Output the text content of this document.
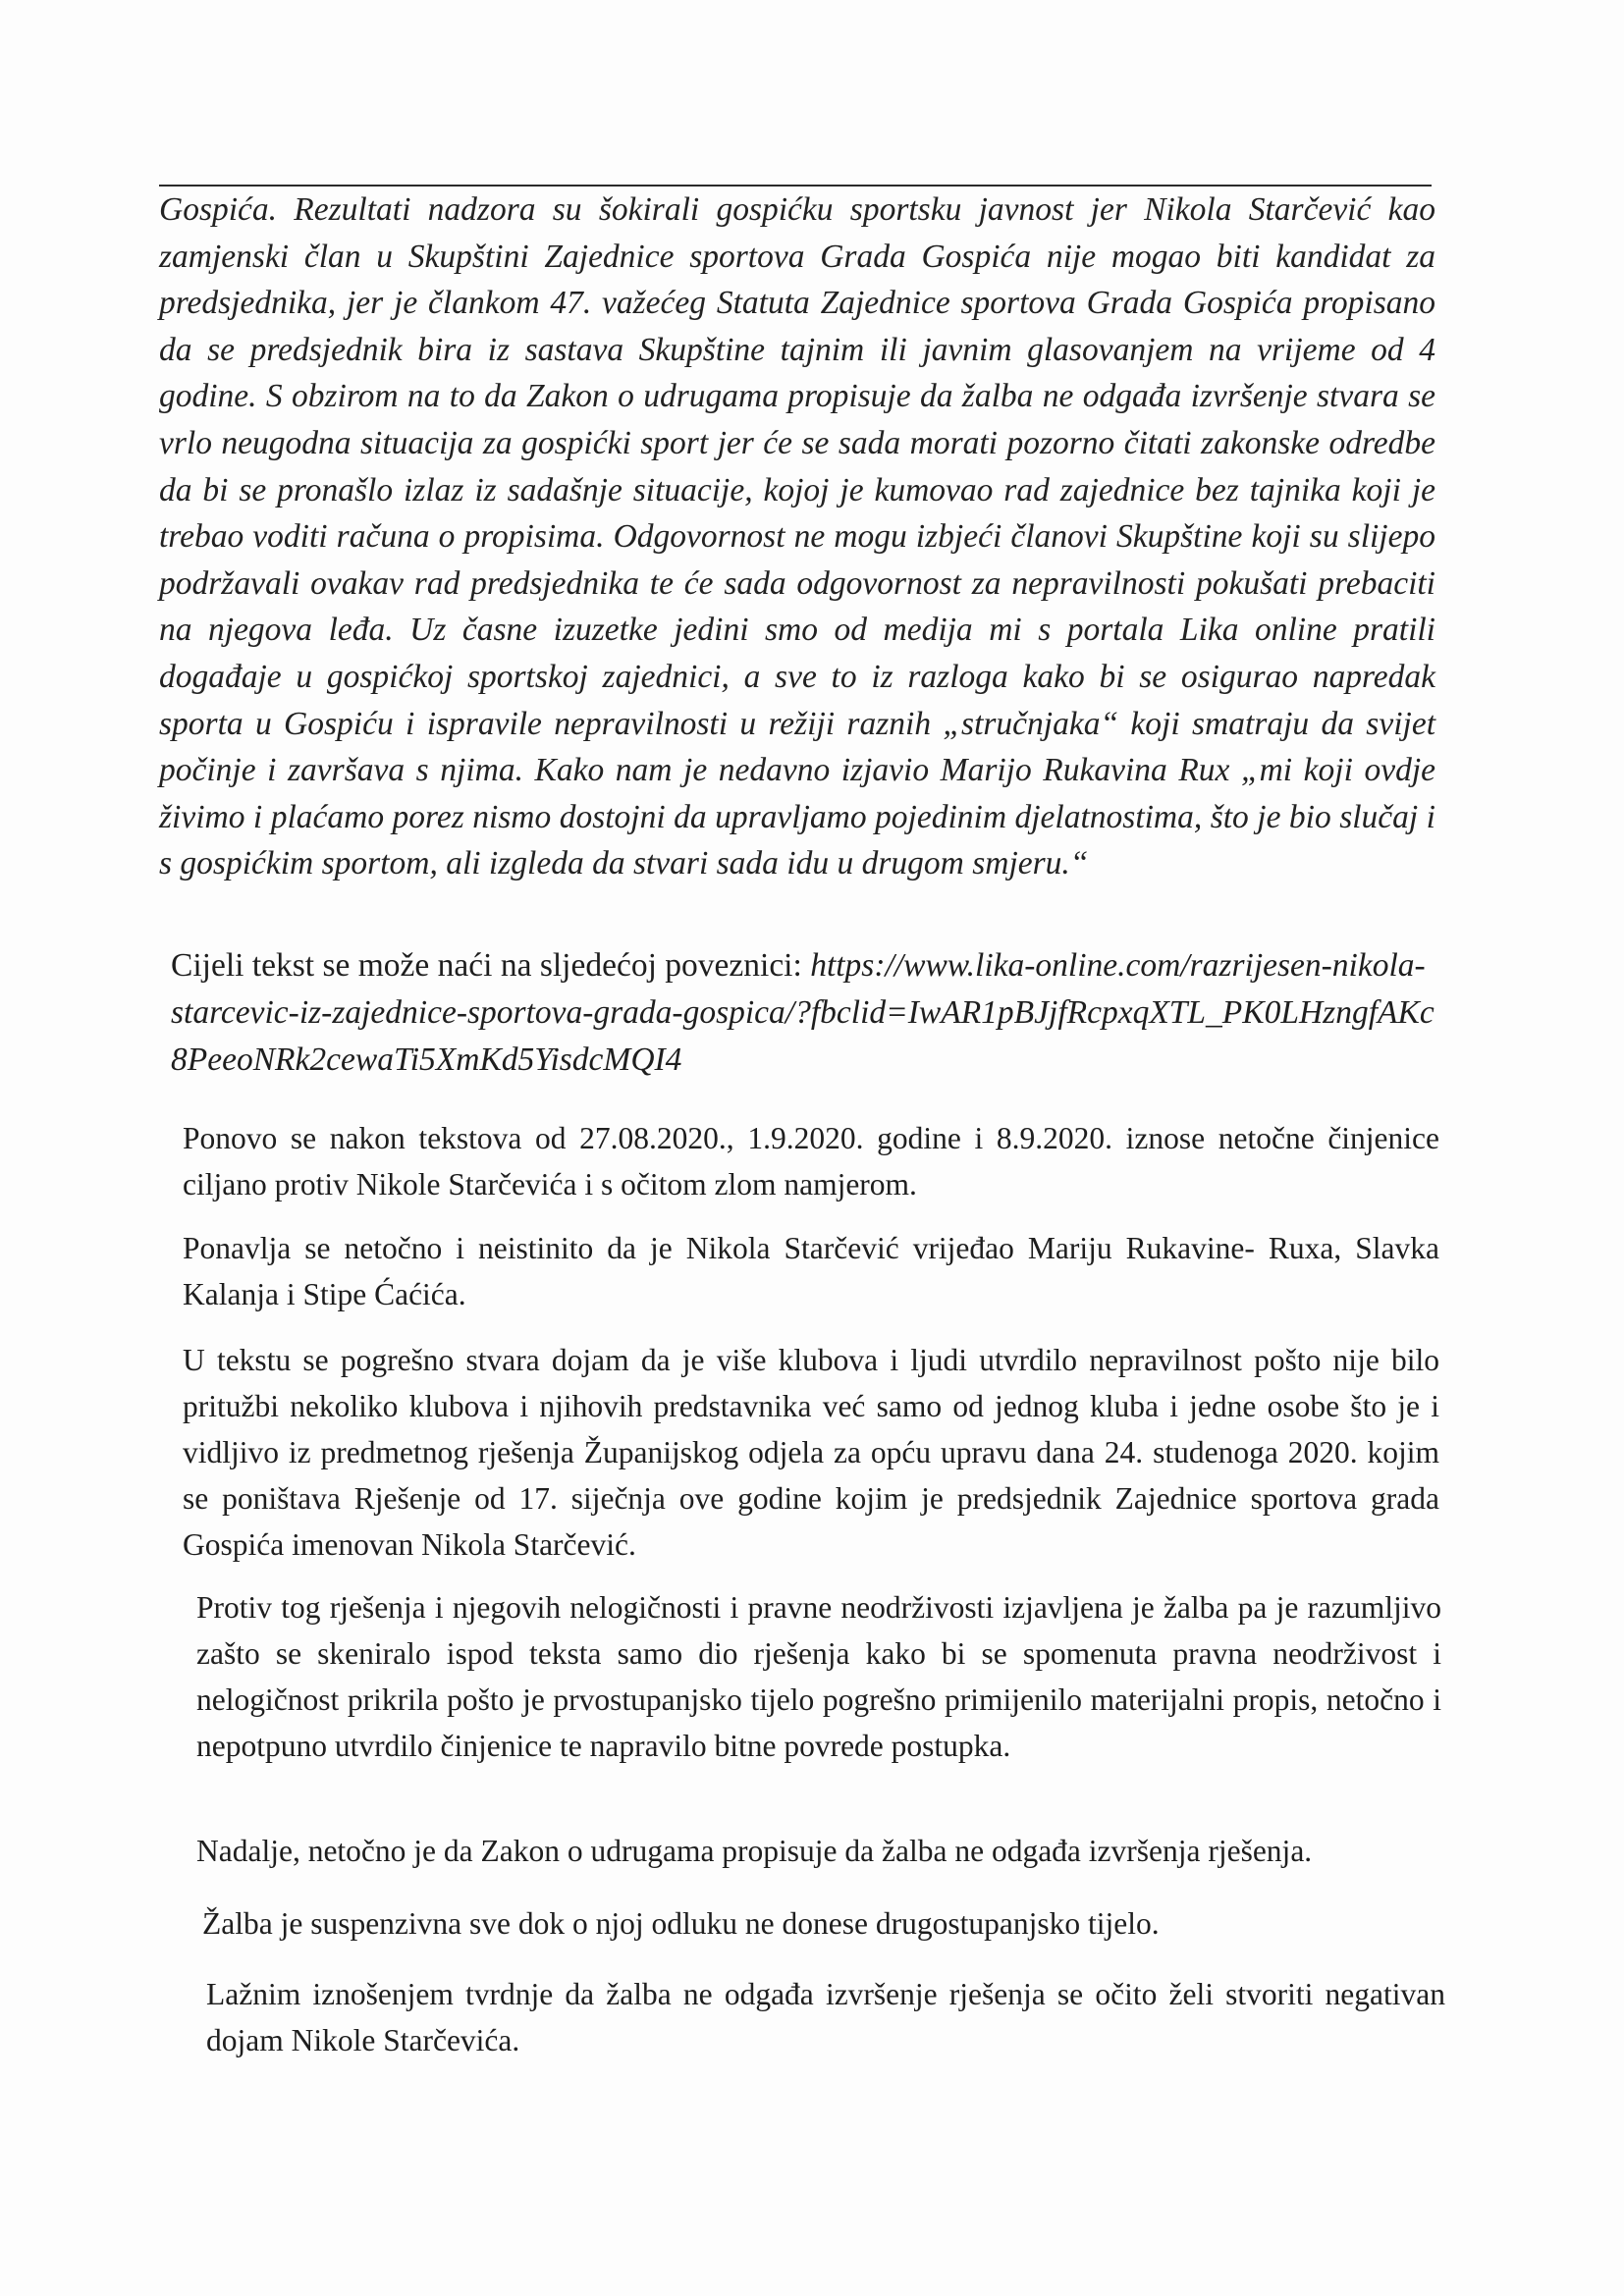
Gospića. Rezultati nadzora su šokirali gospićku sportsku javnost jer Nikola Starčević kao zamjenski član u Skupštini Zajednice sportova Grada Gospića nije mogao biti kandidat za predsjednika, jer je člankom 47. važećeg Statuta Zajednice sportova Grada Gospića propisano da se predsjednik bira iz sastava Skupštine tajnim ili javnim glasovanjem na vrijeme od 4 godine. S obzirom na to da Zakon o udrugama propisuje da žalba ne odgađa izvršenje stvara se vrlo neugodna situacija za gospićki sport jer će se sada morati pozorno čitati zakonske odredbe da bi se pronašlo izlaz iz sadašnje situacije, kojoj je kumovao rad zajednice bez tajnika koji je trebao voditi računa o propisima. Odgovornost ne mogu izbjeći članovi Skupštine koji su slijepo podržavali ovakav rad predsjednika te će sada odgovornost za nepravilnosti pokušati prebaciti na njegova leđa. Uz časne izuzetke jedini smo od medija mi s portala Lika online pratili događaje u gospićkoj sportskoj zajednici, a sve to iz razloga kako bi se osigurao napredak sporta u Gospiću i ispravile nepravilnosti u režiji raznih „stručnjaka“ koji smatraju da svijet počinje i završava s njima. Kako nam je nedavno izjavio Marijo Rukavina Rux „mi koji ovdje živimo i plaćamo porez nismo dostojni da upravljamo pojedinim djelatnostima, što je bio slučaj i s gospićkim sportom, ali izgleda da stvari sada idu u drugom smjeru.“

Cijeli tekst se može naći na sljedećoj poveznici: https://www.lika-online.com/razrijesen-nikola-starcevic-iz-zajednice-sportova-grada-gospica/?fbclid=IwAR1pBJjfRcpxqXTL_PK0LHzngfAKc8PeeoNRk2cewaTi5XmKd5YisdcMQI4

Ponovo se nakon tekstova od 27.08.2020., 1.9.2020. godine i 8.9.2020. iznose netočne činjenice ciljano protiv Nikole Starčevića i s očitom zlom namjerom.

Ponavlja se netočno i neistinito da je Nikola Starčević vrijeđao Mariju Rukavine- Ruxa, Slavka Kalanja i Stipe Ćaćića.

U tekstu se pogrešno stvara dojam da je više klubova i ljudi utvrdilo nepravilnost pošto nije bilo pritužbi nekoliko klubova i njihovih predstavnika već samo od jednog kluba i jedne osobe što je i vidljivo iz predmetnog rješenja Županijskog odjela za opću upravu dana 24. studenoga 2020. kojim se poništava Rješenje od 17. siječnja ove godine kojim je predsjednik Zajednice sportova grada Gospića imenovan Nikola Starčević.

Protiv tog rješenja i njegovih nelogičnosti i pravne neodrživosti izjavljena je žalba pa je razumljivo zašto se skeniralo ispod teksta samo dio rješenja kako bi se spomenuta pravna neodrživost i nelogičnost prikrila pošto je prvostupanjsko tijelo pogrešno primijenilo materijalni propis, netočno i nepotpuno utvrdilo činjenice te napravilo bitne povrede postupka.

Nadalje, netočno je da Zakon o udrugama propisuje da žalba ne odgađa izvršenja rješenja.

Žalba je suspenzivna sve dok o njoj odluku ne donese drugostupanjsko tijelo.

Lažnim iznošenjem tvrdnje da žalba ne odgađa izvršenje rješenja se očito želi stvoriti negativan dojam Nikole Starčevića.
